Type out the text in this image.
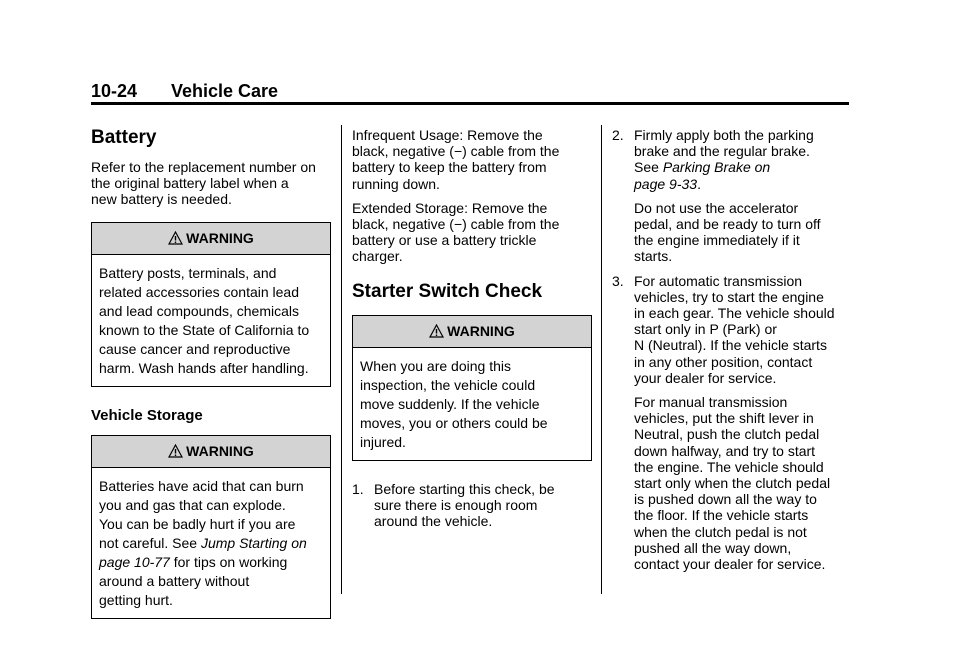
10-24 Vehicle Care
Battery

Refer to the replacement number on
the original battery label when a
new battery is needed.

WARNING
Battery posts, terminals, and
related accessories contain lead
and lead compounds, chemicals
known to the State of California to
cause cancer and reproductive
harm. Wash hands after handling.
Vehicle Storage
WARNING
Batteries have acid that can burn
you and gas that can explode.
You can be badly hurt if you are
not careful. See Jump Starting on
page 10-77 for tips on working
around a battery without
getting hurt.

Infrequent Usage: Remove the
black, negative (−) cable from the
battery to keep the battery from
running down.

Extended Storage: Remove the
black, negative (−) cable from the
battery or use a battery trickle
charger.

Starter Switch Check
WARNING
When you are doing this
inspection, the vehicle could
move suddenly. If the vehicle
moves, you or others could be
injured.
1. Before starting this check, be
sure there is enough room
around the vehicle.
2. Firmly apply both the parking
brake and the regular brake.
See Parking Brake on
page 9-33.

Do not use the accelerator
pedal, and be ready to turn off
the engine immediately if it
starts.

3. For automatic transmission
vehicles, try to start the engine
in each gear. The vehicle should
start only in P (Park) or
N (Neutral). If the vehicle starts
in any other position, contact
your dealer for service.

For manual transmission
vehicles, put the shift lever in
Neutral, push the clutch pedal
down halfway, and try to start
the engine. The vehicle should
start only when the clutch pedal
is pushed down all the way to
the floor. If the vehicle starts
when the clutch pedal is not
pushed all the way down,
contact your dealer for service.
